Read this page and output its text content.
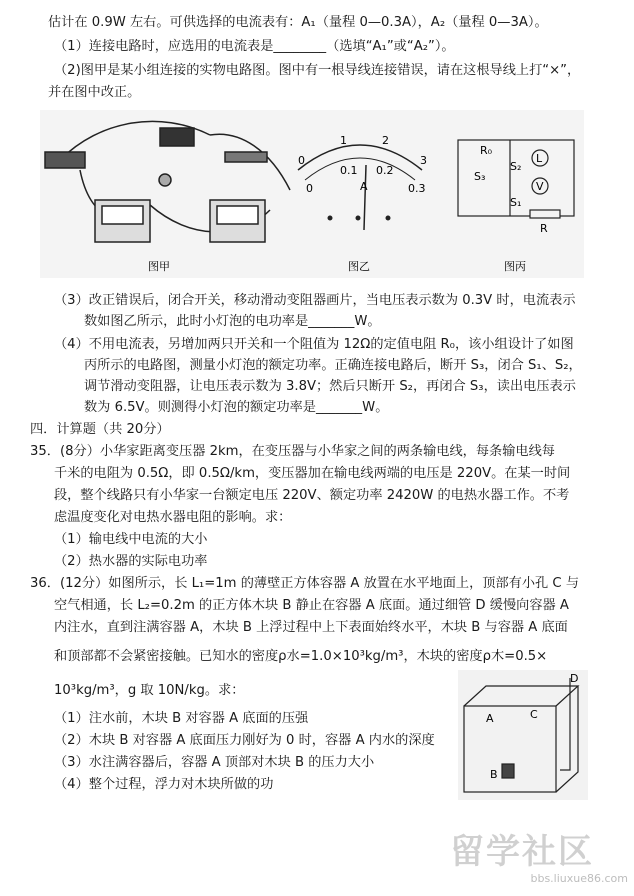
估计在 0.9W 左右。可供选择的电流表有：A₁（量程 0—0.3A），A₂（量程 0—3A）。
（1）连接电路时，应选用的电流表是________（选填“A₁”或“A₂”）。
（2)图甲是某小组连接的实物电路图。图中有一根导线连接错误，请在这根导线上打“×”，
并在图中改正。
图甲
0
1	2
3
0
0.1 0.2
0.3
A
图乙
S₂
S₃
S₁
L
V
R
R₀
图丙
（3）改正错误后，闭合开关，移动滑动变阻器画片，当电压表示数为 0.3V 时，电流表示
数如图乙所示，此时小灯泡的电功率是_______W。
（4）不用电流表，另增加两只开关和一个阻值为 12Ω的定值电阻 R₀，该小组设计了如图
丙所示的电路图，测量小灯泡的额定功率。正确连接电路后，断开 S₃，闭合 S₁、S₂，
调节滑动变阻器，让电压表示数为 3.8V；然后只断开 S₂，再闭合 S₃，读出电压表示
数为 6.5V。则测得小灯泡的额定功率是_______W。
四．计算题（共 20分）
35．(8分）小华家距离变压器 2km，在变压器与小华家之间的两条输电线，每条输电线每
千米的电阻为 0.5Ω，即 0.5Ω/km，变压器加在输电线两端的电压是 220V。在某一时间
段，整个线路只有小华家一台额定电压 220V、额定功率 2420W 的电热水器工作。不考
虑温度变化对电热水器电阻的影响。求：
（1）输电线中电流的大小
（2）热水器的实际电功率
36．(12分）如图所示，长 L₁=1m 的薄壁正方体容器 A 放置在水平地面上，顶部有小孔 C 与
空气相通，长 L₂=0.2m 的正方体木块 B 静止在容器 A 底面。通过细管 D 缓慢向容器 A
内注水，直到注满容器 A，木块 B 上浮过程中上下表面始终水平，木块 B 与容器 A 底面
和顶部都不会紧密接触。已知水的密度ρ水=1.0×10³kg/m³，木块的密度ρ木=0.5×
10³kg/m³，g 取 10N/kg。求：
（1）注水前，木块 B 对容器 A 底面的压强
（2）木块 B 对容器 A 底面压力刚好为 0 时，容器 A 内水的深度
（3）水注满容器后，容器 A 顶部对木块 B 的压力大小
（4）整个过程，浮力对木块所做的功
A
B
C
D
留学社区
bbs.liuxue86.com
